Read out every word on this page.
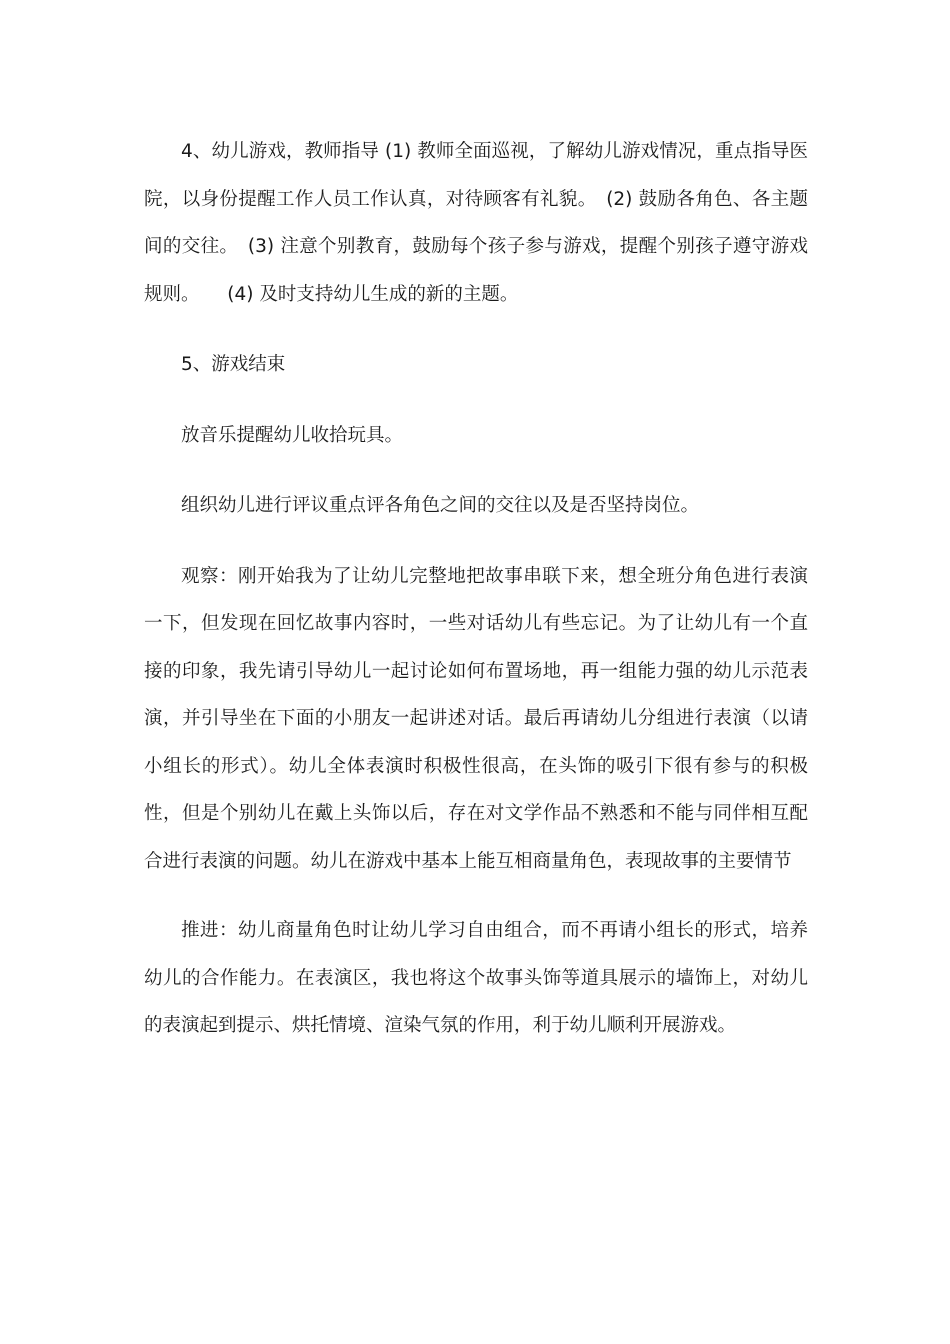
4、幼儿游戏，教师指导 (1) 教师全面巡视，了解幼儿游戏情况，重点指导医院，以身份提醒工作人员工作认真，对待顾客有礼貌。　(2) 鼓励各角色、各主题间的交往。　(3) 注意个别教育，鼓励每个孩子参与游戏，提醒个别孩子遵守游戏规则。　　(4) 及时支持幼儿生成的新的主题。

5、游戏结束

放音乐提醒幼儿收拾玩具。

组织幼儿进行评议重点评各角色之间的交往以及是否坚持岗位。

观察：刚开始我为了让幼儿完整地把故事串联下来，想全班分角色进行表演一下，但发现在回忆故事内容时，一些对话幼儿有些忘记。为了让幼儿有一个直接的印象，我先请引导幼儿一起讨论如何布置场地，再一组能力强的幼儿示范表演，并引导坐在下面的小朋友一起讲述对话。最后再请幼儿分组进行表演（以请小组长的形式）。幼儿全体表演时积极性很高，在头饰的吸引下很有参与的积极性，但是个别幼儿在戴上头饰以后，存在对文学作品不熟悉和不能与同伴相互配合进行表演的问题。幼儿在游戏中基本上能互相商量角色，表现故事的主要情节

推进：幼儿商量角色时让幼儿学习自由组合，而不再请小组长的形式，培养幼儿的合作能力。在表演区，我也将这个故事头饰等道具展示的墙饰上，对幼儿的表演起到提示、烘托情境、渲染气氛的作用，利于幼儿顺利开展游戏。
